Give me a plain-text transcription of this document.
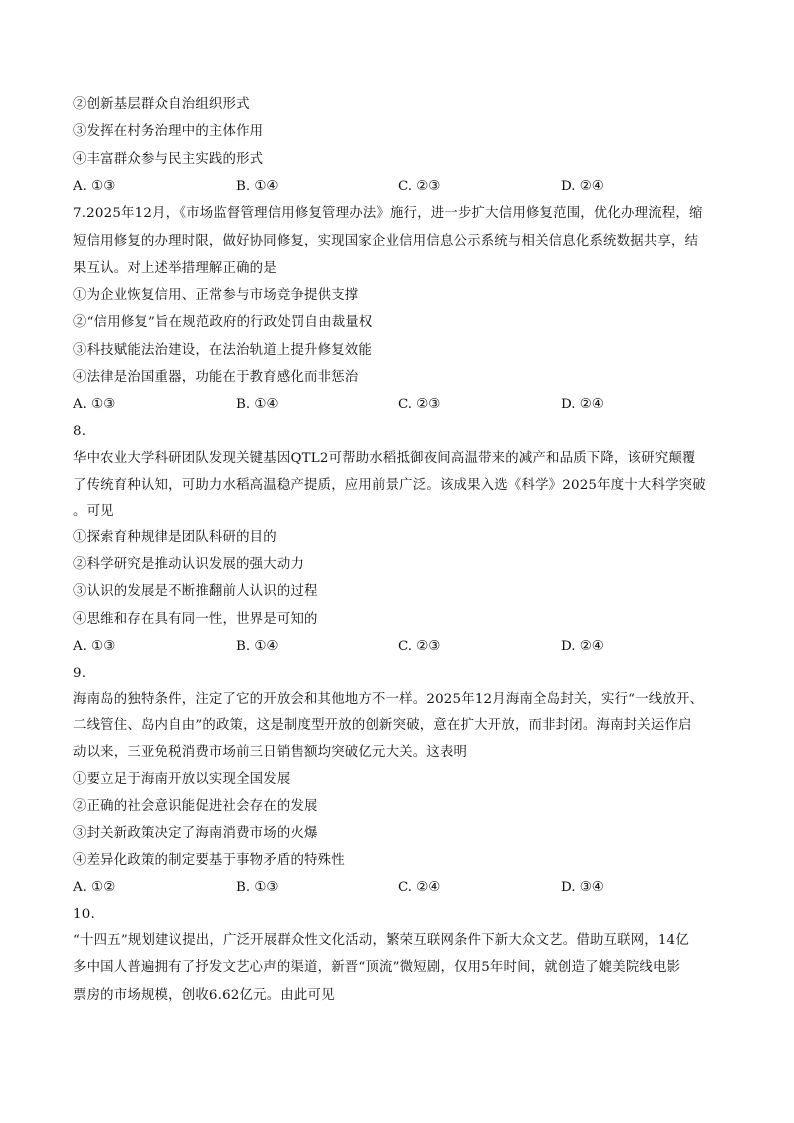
②创新基层群众自治组织形式
③发挥在村务治理中的主体作用
④丰富群众参与民主实践的形式
A. ①③	B. ①④	C. ②③	D. ②④
7.2025年12月，《市场监督管理信用修复管理办法》施行，进一步扩大信用修复范围，优化办理流程，缩
短信用修复的办理时限，做好协同修复，实现国家企业信用信息公示系统与相关信息化系统数据共享，结
果互认。对上述举措理解正确的是
①为企业恢复信用、正常参与市场竞争提供支撑
②“信用修复”旨在规范政府的行政处罚自由裁量权
③科技赋能法治建设，在法治轨道上提升修复效能
④法律是治国重器，功能在于教育感化而非惩治
A. ①③	B. ①④	C. ②③	D. ②④
8.
华中农业大学科研团队发现关键基因QTL2可帮助水稻抵御夜间高温带来的减产和品质下降，该研究颠覆
了传统育种认知，可助力水稻高温稳产提质，应用前景广泛。该成果入选《科学》2025年度十大科学突破
。可见
①探索育种规律是团队科研的目的
②科学研究是推动认识发展的强大动力
③认识的发展是不断推翻前人认识的过程
④思维和存在具有同一性，世界是可知的
A. ①③	B. ①④	C. ②③	D. ②④
9.
海南岛的独特条件，注定了它的开放会和其他地方不一样。2025年12月海南全岛封关，实行“一线放开、
二线管住、岛内自由”的政策，这是制度型开放的创新突破，意在扩大开放，而非封闭。海南封关运作启
动以来，三亚免税消费市场前三日销售额均突破亿元大关。这表明
①要立足于海南开放以实现全国发展
②正确的社会意识能促进社会存在的发展
③封关新政策决定了海南消费市场的火爆
④差异化政策的制定要基于事物矛盾的特殊性
A. ①②	B. ①③	C. ②④	D. ③④
10.
“十四五”规划建议提出，广泛开展群众性文化活动，繁荣互联网条件下新大众文艺。借助互联网，14亿
多中国人普遍拥有了抒发文艺心声的渠道，新晋“顶流”微短剧，仅用5年时间，就创造了媲美院线电影
票房的市场规模，创收6.62亿元。由此可见
